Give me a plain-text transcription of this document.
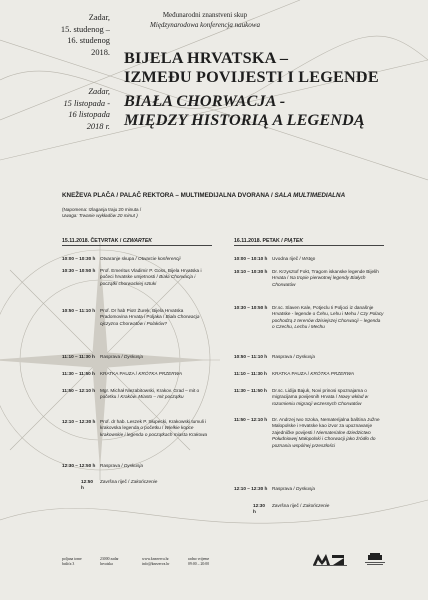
Zadar,
15. studenog –
16. studenog
2018.
Zadar,
15 listopada -
16 listopada
2018 r.
Međunarodni znanstveni skup
Międzynarodowa konferencja naukowa
BIJELA HRVATSKA –
IZMEĐU POVIJESTI I LEGENDE
BIAŁA CHORWACJA -
MIĘDZY HISTORIĄ A LEGENDĄ
KNEŽEVA PLAČA / PALAČ REKTORA – MULTIMEDIJALNA DVORANA / SALA MULTIMEDIALNA
(Napomena: Izlaganja traju 20 minuta /
Uwaga: Trwanie wykładów 20 minut )
15.11.2018. ČETVRTAK / CZWARTEK
10:00 – 10:30 h Otvaranje skupa / Otwarcie konferencji
10:30 – 10:50 h Prof. Emeritus Vladimir P. Goss, Bijela Hrvatska i počeci hrvatske umjetnosti / Biała Chorwacja i początki chorwackiej sztuki
10:50 – 11:10 h	Prof. Dr hab Piotr Żurek, Bijela Hrvatska Pradomovina Hrvata i Poljaka / Biała Chorwacja ojczyzna Chorwatów i Polaków?
11:10 – 11:30 h	Rasprava / Dyskusja
11:30 – 11:50 h	KRATKA PAUZA / KRÓTKA PRZERWA
11:50 – 12:10 h	Mgr. Michał Niezabitowski, Krakov. Grad – mit o početku / Kraków. Miasto – mit początku
12:10 – 12:30 h Prof. dr hab. Leszek P. Słupecki, Krakowski tumuli i krakovska legenda o početku / Wielkie kopce krakowskie i legenda o początkach miasta Krakowa
12:30 – 12:50 h Rasprava / Dyskusja
12:50 h
Završna riječ / Zakończenie
16.11.2018. PETAK / PIĄTEK
10:00 – 10:10 h Uvodna riječ / Wstęp
10:10 – 10:30 h Dr. Krzysztof Fokt, Tragom iskanske legende Bijelih Hrvata / Na tropie pierwotnej legendy Białych Chorwatów
10:30 – 10:50 h Dr.sc. Slaven Kale, Potjeclu Ii Poljoci iz današnje Hrvatske - legende o Čehu, Lehu i Mehu / Czy Polacy pochodzą z terenów dzisiejszej Chorwacji – legenda o Czechu, Lechu i Mechu
10:50 – 11:10 h	Rasprava / Dyskusja
11:10 – 11:30 h	KRATKA PAUZA / KRÓTKA PRZERWA
11:30 – 11:50 h	Dr.sc. Lidija Bajuk, Novi prinosi spoznajama o migracijama povijesnih Hrvata / Nowy wkład w rozumieniu migracji wczesnych Chorwatów
11:50 – 12:10 h	Dr. Andrzej Iwo Szoka, Nematerijalna baština Južne Malopolske i Hrvatske kao izvor za upoznavanje zajedničke povijesti / Niematerialne dziedzictwo Południowej Małopolski i Chorwacji jako źródło do poznania wspólnej przeszłości
12:10 – 12:30 h Rasprava / Dyskusja
12:30 h
Završna riječ / Zakończenie
poljana tome
bašića 3
23000 zadar
hrvatska
www.knezerva.hr
info@knezerva.hr
radno vrijeme
09:00 – 20:00
